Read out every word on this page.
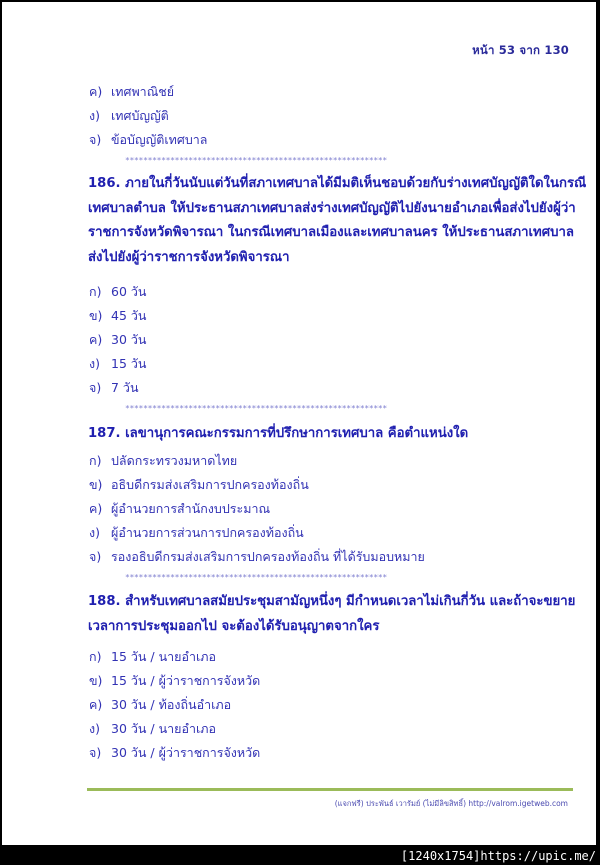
หน้า 53 จาก 130
ค) เทศพาณิชย์
ง) เทศบัญญัติ
จ) ข้อบัญญัติเทศบาล
**********************************************************
186. ภายในกี่วันนับแต่วันที่สภาเทศบาลได้มีมติเห็นชอบด้วยกับร่างเทศบัญญัติใดในกรณี
เทศบาลตำบล ให้ประธานสภาเทศบาลส่งร่างเทศบัญญัติไปยังนายอำเภอเพื่อส่งไปยังผู้ว่า
ราชการจังหวัดพิจารณา ในกรณีเทศบาลเมืองและเทศบาลนคร ให้ประธานสภาเทศบาล
ส่งไปยังผู้ว่าราชการจังหวัดพิจารณา
ก) 60 วัน
ข) 45 วัน
ค) 30 วัน
ง) 15 วัน
จ) 7 วัน
**********************************************************
187. เลขานุการคณะกรรมการที่ปรึกษาการเทศบาล คือตำแหน่งใด
ก) ปลัดกระทรวงมหาดไทย
ข) อธิบดีกรมส่งเสริมการปกครองท้องถิ่น
ค) ผู้อำนวยการสำนักงบประมาณ
ง) ผู้อำนวยการส่วนการปกครองท้องถิ่น
จ) รองอธิบดีกรมส่งเสริมการปกครองท้องถิ่น ที่ได้รับมอบหมาย
**********************************************************
188. สำหรับเทศบาลสมัยประชุมสามัญหนึ่งๆ มีกำหนดเวลาไม่เกินกี่วัน และถ้าจะขยาย
เวลาการประชุมออกไป จะต้องได้รับอนุญาตจากใคร
ก) 15 วัน / นายอำเภอ
ข) 15 วัน / ผู้ว่าราชการจังหวัด
ค) 30 วัน / ท้องถิ่นอำเภอ
ง) 30 วัน / นายอำเภอ
จ) 30 วัน / ผู้ว่าราชการจังหวัด
(แจกฟรี) ประพันธ์ เวารัมย์ (ไม่มีลิขสิทธิ์) http://valrom.igetweb.com
[1240x1754]https://upic.me/
